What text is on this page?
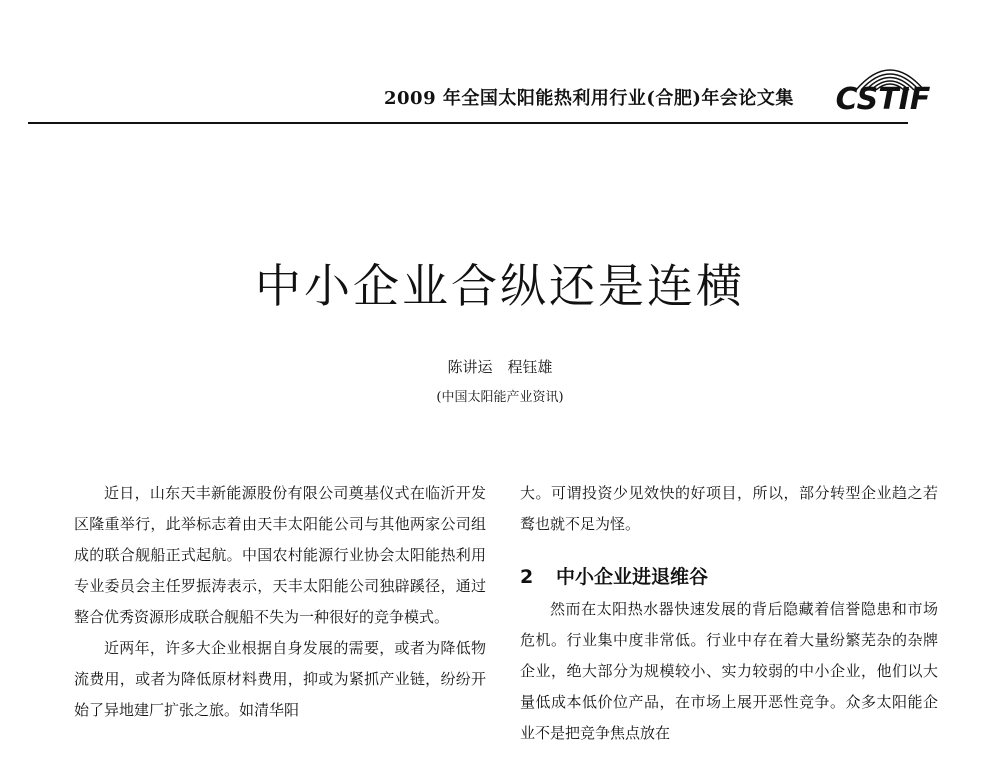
2009 年全国太阳能热利用行业(合肥)年会论文集	CSTIF
中小企业合纵还是连横
陈讲运　程钰雄
(中国太阳能产业资讯)

近日，山东天丰新能源股份有限公司奠基仪式在临沂开发区隆重举行，此举标志着由天丰太阳能公司与其他两家公司组成的联合舰船正式起航。中国农村能源行业协会太阳能热利用专业委员会主任罗振涛表示，天丰太阳能公司独辟蹊径，通过整合优秀资源形成联合舰船不失为一种很好的竞争模式。

近两年，许多大企业根据自身发展的需要，或者为降低物流费用，或者为降低原材料费用，抑或为紧抓产业链，纷纷开始了异地建厂扩张之旅。如清华阳

大。可谓投资少见效快的好项目，所以，部分转型企业趋之若鹜也就不足为怪。

2 中小企业进退维谷

然而在太阳热水器快速发展的背后隐藏着信誉隐患和市场危机。行业集中度非常低。行业中存在着大量纷繁芜杂的杂牌企业，绝大部分为规模较小、实力较弱的中小企业，他们以大量低成本低价位产品，在市场上展开恶性竞争。众多太阳能企业不是把竞争焦点放在
